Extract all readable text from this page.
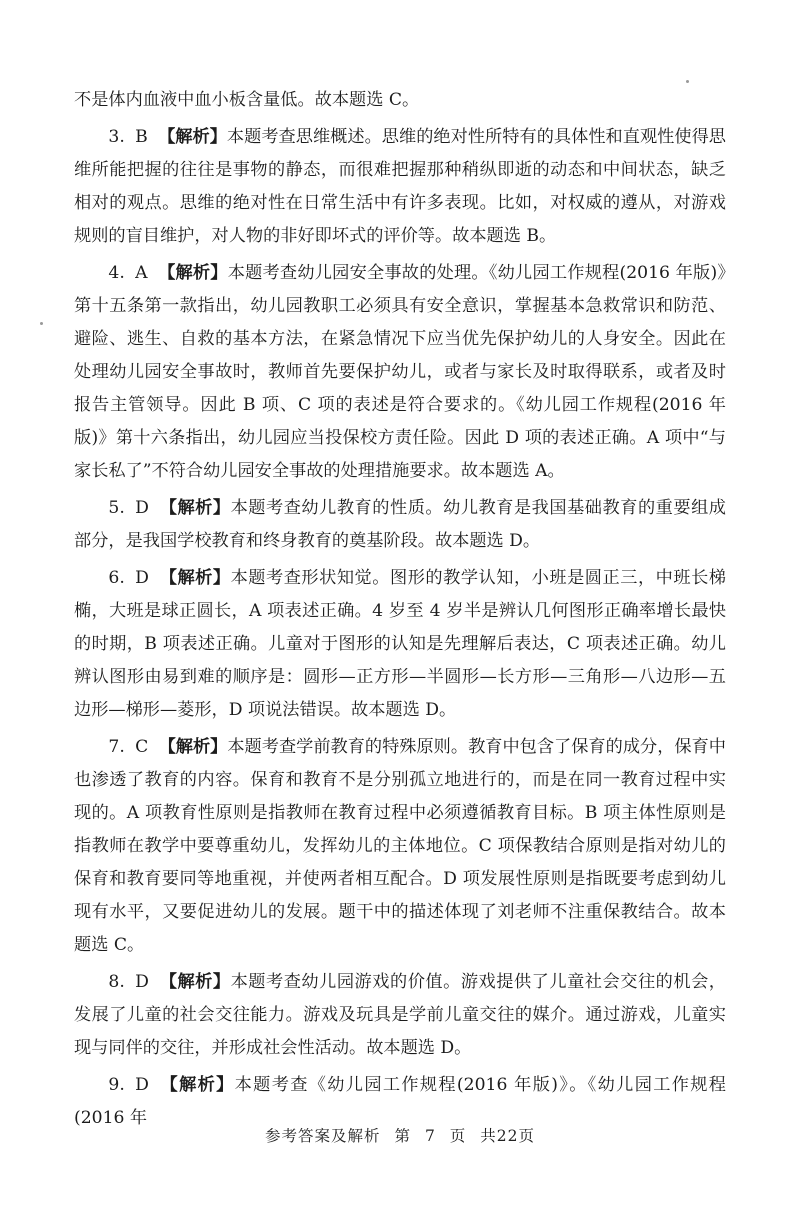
不是体内血液中血小板含量低。故本题选 C。

3. B 【解析】本题考查思维概述。思维的绝对性所特有的具体性和直观性使得思维所能把握的往往是事物的静态，而很难把握那种稍纵即逝的动态和中间状态，缺乏相对的观点。思维的绝对性在日常生活中有许多表现。比如，对权威的遵从，对游戏规则的盲目维护，对人物的非好即坏式的评价等。故本题选 B。

4. A 【解析】本题考查幼儿园安全事故的处理。《幼儿园工作规程(2016 年版)》第十五条第一款指出，幼儿园教职工必须具有安全意识，掌握基本急救常识和防范、避险、逃生、自救的基本方法，在紧急情况下应当优先保护幼儿的人身安全。因此在处理幼儿园安全事故时，教师首先要保护幼儿，或者与家长及时取得联系，或者及时报告主管领导。因此 B 项、C 项的表述是符合要求的。《幼儿园工作规程(2016 年版)》第十六条指出，幼儿园应当投保校方责任险。因此 D 项的表述正确。A 项中“与家长私了”不符合幼儿园安全事故的处理措施要求。故本题选 A。

5. D 【解析】本题考查幼儿教育的性质。幼儿教育是我国基础教育的重要组成部分，是我国学校教育和终身教育的奠基阶段。故本题选 D。

6. D 【解析】本题考查形状知觉。图形的教学认知，小班是圆正三，中班长梯椭，大班是球正圆长，A 项表述正确。4 岁至 4 岁半是辨认几何图形正确率增长最快的时期，B 项表述正确。儿童对于图形的认知是先理解后表达，C 项表述正确。幼儿辨认图形由易到难的顺序是：圆形—正方形—半圆形—长方形—三角形—八边形—五边形—梯形—菱形，D 项说法错误。故本题选 D。

7. C 【解析】本题考查学前教育的特殊原则。教育中包含了保育的成分，保育中也渗透了教育的内容。保育和教育不是分别孤立地进行的，而是在同一教育过程中实现的。A 项教育性原则是指教师在教育过程中必须遵循教育目标。B 项主体性原则是指教师在教学中要尊重幼儿，发挥幼儿的主体地位。C 项保教结合原则是指对幼儿的保育和教育要同等地重视，并使两者相互配合。D 项发展性原则是指既要考虑到幼儿现有水平，又要促进幼儿的发展。题干中的描述体现了刘老师不注重保教结合。故本题选 C。

8. D 【解析】本题考查幼儿园游戏的价值。游戏提供了儿童社会交往的机会，发展了儿童的社会交往能力。游戏及玩具是学前儿童交往的媒介。通过游戏，儿童实现与同伴的交往，并形成社会性活动。故本题选 D。

9. D 【解析】本题考查《幼儿园工作规程(2016 年版)》。《幼儿园工作规程(2016 年

参考答案及解析 第 7 页 共22页
